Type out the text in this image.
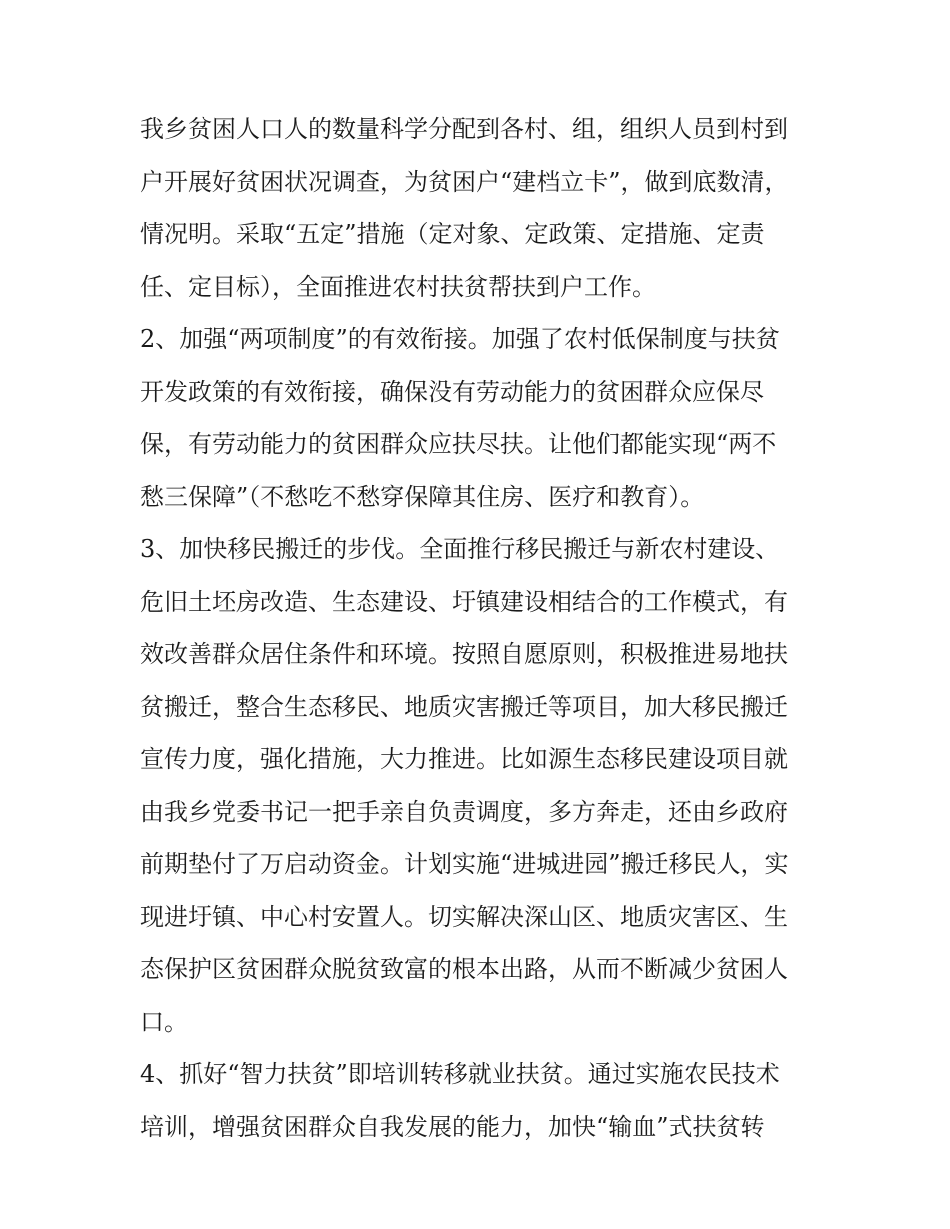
我乡贫困人口人的数量科学分配到各村、组，组织人员到村到
户开展好贫困状况调查，为贫困户“建档立卡”，做到底数清，
情况明。采取“五定”措施（定对象、定政策、定措施、定责
任、定目标），全面推进农村扶贫帮扶到户工作。
2、加强“两项制度”的有效衔接。加强了农村低保制度与扶贫
开发政策的有效衔接，确保没有劳动能力的贫困群众应保尽
保，有劳动能力的贫困群众应扶尽扶。让他们都能实现“两不
愁三保障”（不愁吃不愁穿保障其住房、医疗和教育）。
3、加快移民搬迁的步伐。全面推行移民搬迁与新农村建设、
危旧土坯房改造、生态建设、圩镇建设相结合的工作模式，有
效改善群众居住条件和环境。按照自愿原则，积极推进易地扶
贫搬迁，整合生态移民、地质灾害搬迁等项目，加大移民搬迁
宣传力度，强化措施，大力推进。比如源生态移民建设项目就
由我乡党委书记一把手亲自负责调度，多方奔走，还由乡政府
前期垫付了万启动资金。计划实施“进城进园”搬迁移民人，实
现进圩镇、中心村安置人。切实解决深山区、地质灾害区、生
态保护区贫困群众脱贫致富的根本出路，从而不断减少贫困人
口。
4、抓好“智力扶贫”即培训转移就业扶贫。通过实施农民技术
培训，增强贫困群众自我发展的能力，加快“输血”式扶贫转
